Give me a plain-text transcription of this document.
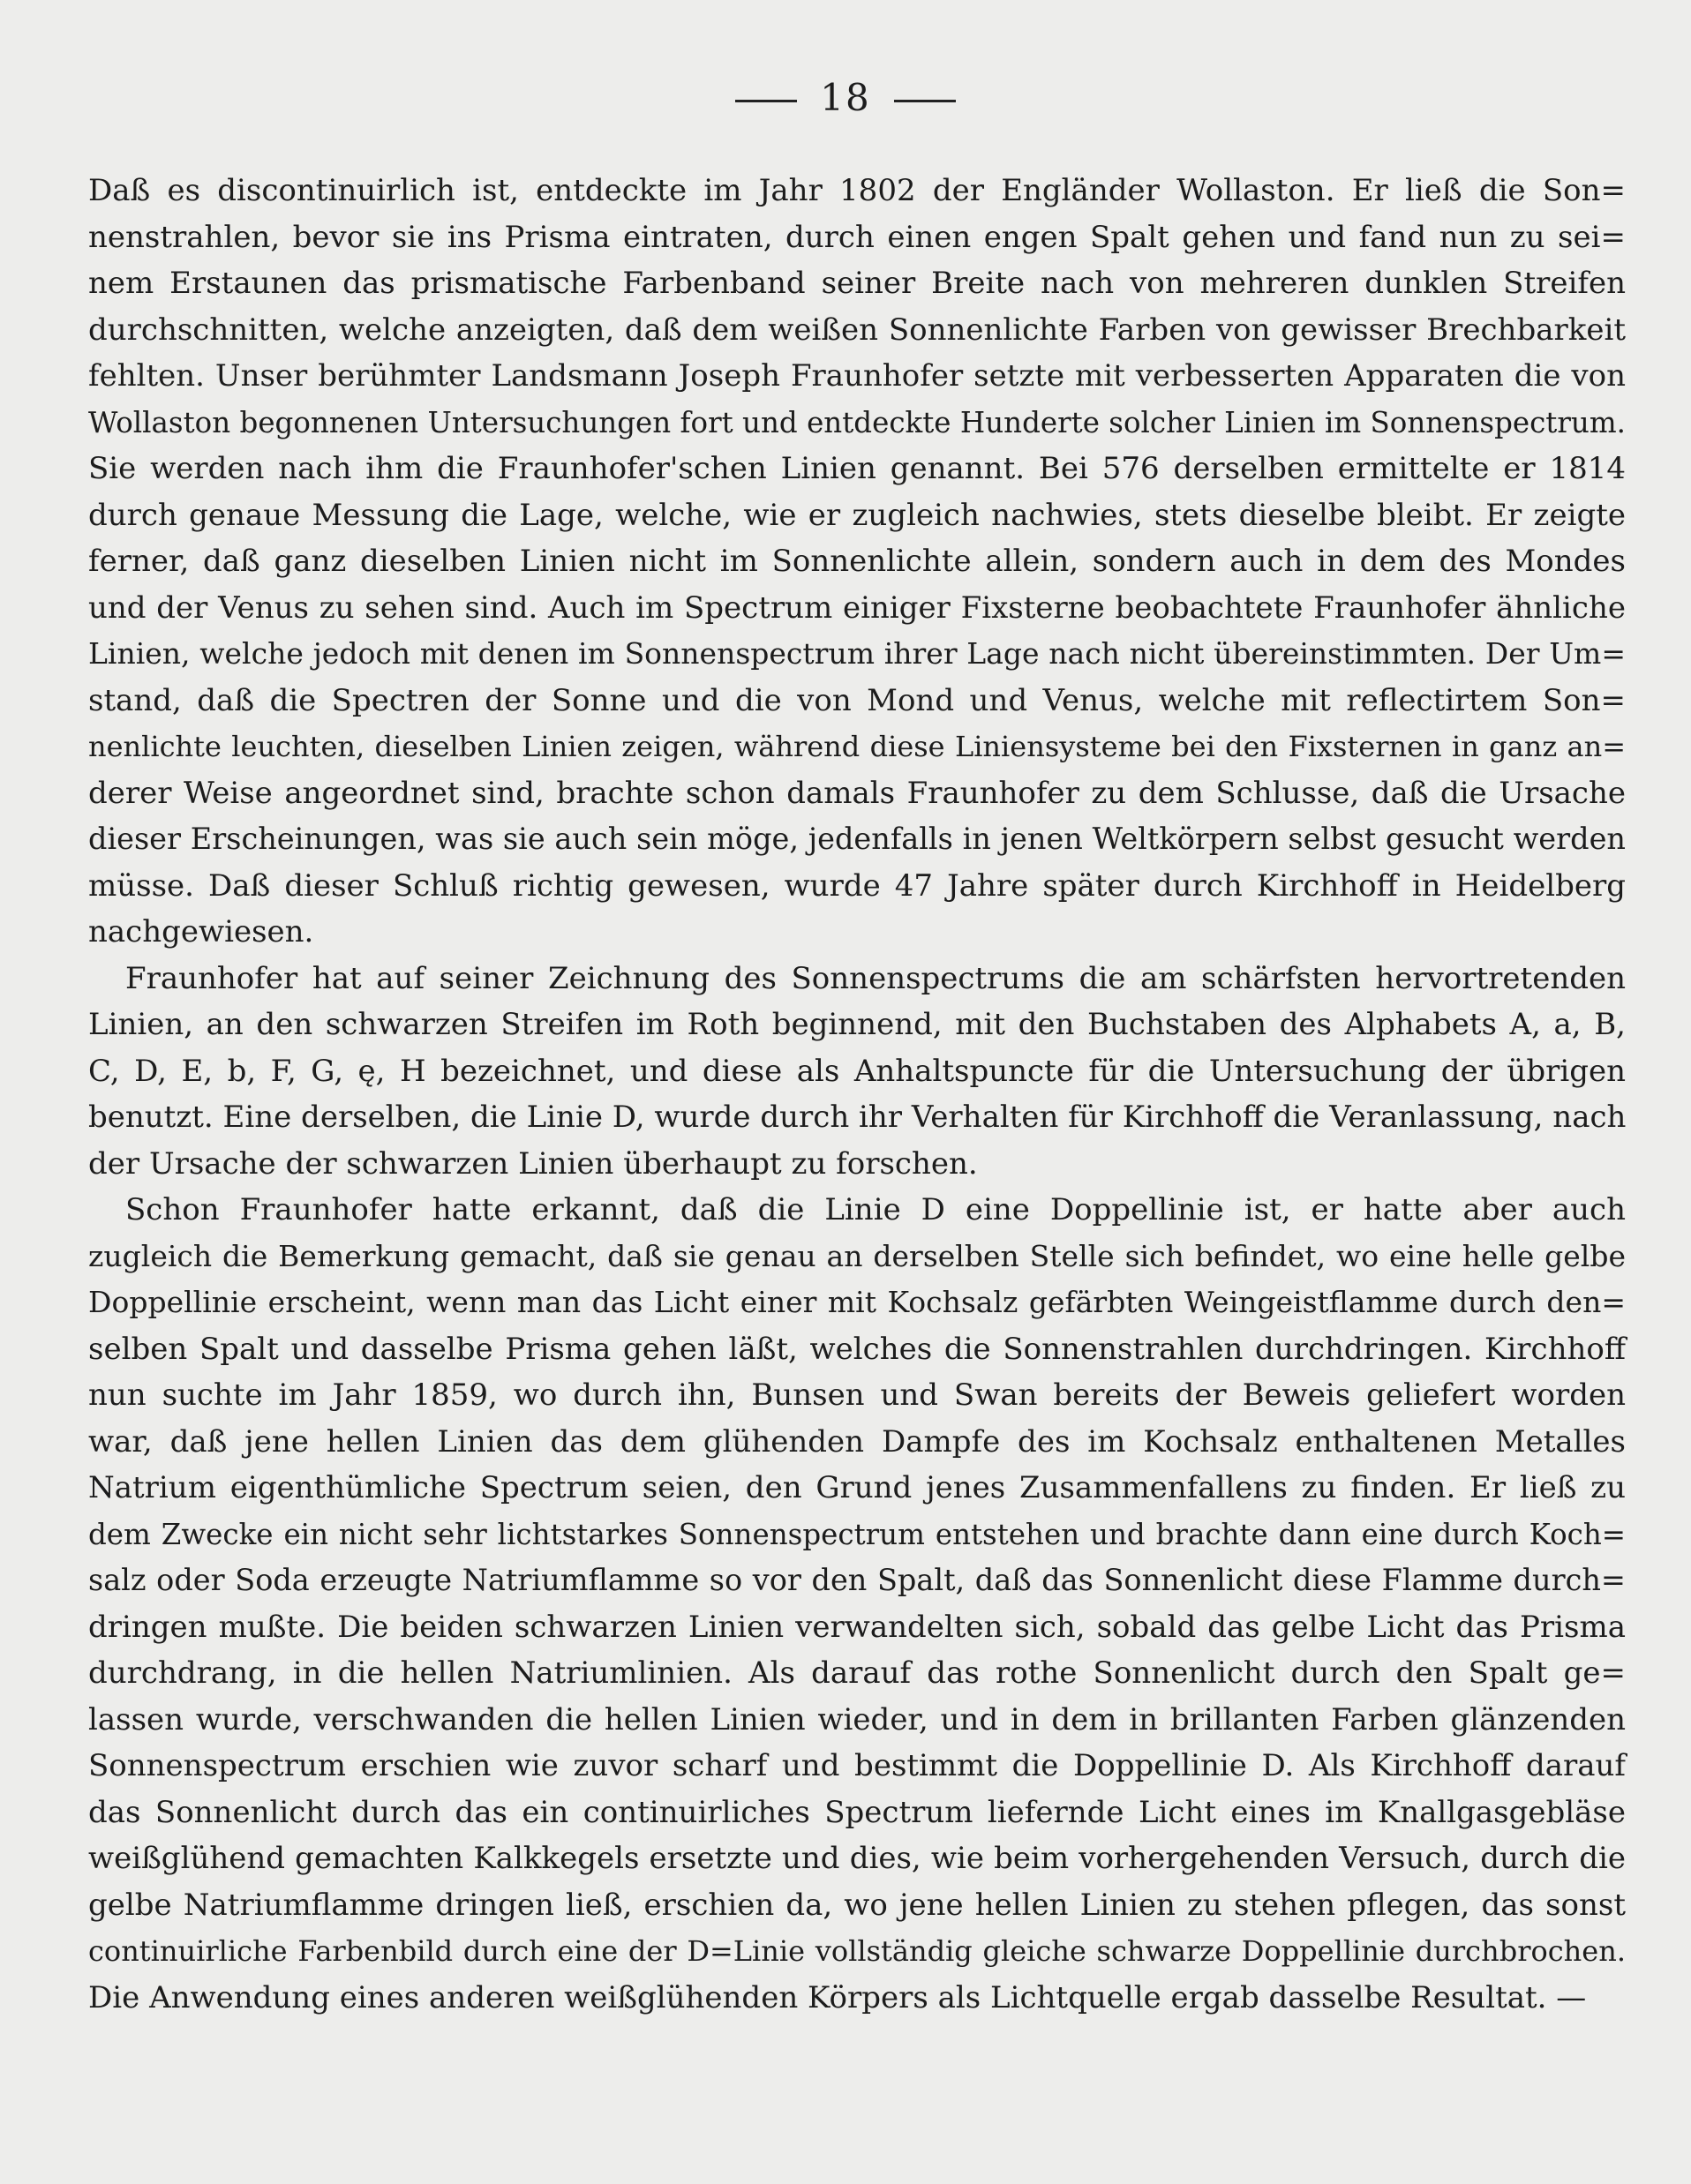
18
Daß es discontinuirlich ist, entdeckte im Jahr 1802 der Engländer Wollaston. Er ließ die Son=
nenstrahlen, bevor sie ins Prisma eintraten, durch einen engen Spalt gehen und fand nun zu sei=
nem Erstaunen das prismatische Farbenband seiner Breite nach von mehreren dunklen Streifen
durchschnitten, welche anzeigten, daß dem weißen Sonnenlichte Farben von gewisser Brechbarkeit
fehlten. Unser berühmter Landsmann Joseph Fraunhofer setzte mit verbesserten Apparaten die von
Wollaston begonnenen Untersuchungen fort und entdeckte Hunderte solcher Linien im Sonnenspectrum.
Sie werden nach ihm die Fraunhofer'schen Linien genannt. Bei 576 derselben ermittelte er 1814
durch genaue Messung die Lage, welche, wie er zugleich nachwies, stets dieselbe bleibt. Er zeigte
ferner, daß ganz dieselben Linien nicht im Sonnenlichte allein, sondern auch in dem des Mondes
und der Venus zu sehen sind. Auch im Spectrum einiger Fixsterne beobachtete Fraunhofer ähnliche
Linien, welche jedoch mit denen im Sonnenspectrum ihrer Lage nach nicht übereinstimmten. Der Um=
stand, daß die Spectren der Sonne und die von Mond und Venus, welche mit reflectirtem Son=
nenlichte leuchten, dieselben Linien zeigen, während diese Liniensysteme bei den Fixsternen in ganz an=
derer Weise angeordnet sind, brachte schon damals Fraunhofer zu dem Schlusse, daß die Ursache
dieser Erscheinungen, was sie auch sein möge, jedenfalls in jenen Weltkörpern selbst gesucht werden
müsse. Daß dieser Schluß richtig gewesen, wurde 47 Jahre später durch Kirchhoff in Heidelberg
nachgewiesen.
Fraunhofer hat auf seiner Zeichnung des Sonnenspectrums die am schärfsten hervortretenden
Linien, an den schwarzen Streifen im Roth beginnend, mit den Buchstaben des Alphabets A, a, B,
C, D, E, b, F, G, ę, H bezeichnet, und diese als Anhaltspuncte für die Untersuchung der übrigen
benutzt. Eine derselben, die Linie D, wurde durch ihr Verhalten für Kirchhoff die Veranlassung, nach
der Ursache der schwarzen Linien überhaupt zu forschen.
Schon Fraunhofer hatte erkannt, daß die Linie D eine Doppellinie ist, er hatte aber auch
zugleich die Bemerkung gemacht, daß sie genau an derselben Stelle sich befindet, wo eine helle gelbe
Doppellinie erscheint, wenn man das Licht einer mit Kochsalz gefärbten Weingeistflamme durch den=
selben Spalt und dasselbe Prisma gehen läßt, welches die Sonnenstrahlen durchdringen. Kirchhoff
nun suchte im Jahr 1859, wo durch ihn, Bunsen und Swan bereits der Beweis geliefert worden
war, daß jene hellen Linien das dem glühenden Dampfe des im Kochsalz enthaltenen Metalles
Natrium eigenthümliche Spectrum seien, den Grund jenes Zusammenfallens zu finden. Er ließ zu
dem Zwecke ein nicht sehr lichtstarkes Sonnenspectrum entstehen und brachte dann eine durch Koch=
salz oder Soda erzeugte Natriumflamme so vor den Spalt, daß das Sonnenlicht diese Flamme durch=
dringen mußte. Die beiden schwarzen Linien verwandelten sich, sobald das gelbe Licht das Prisma
durchdrang, in die hellen Natriumlinien. Als darauf das rothe Sonnenlicht durch den Spalt ge=
lassen wurde, verschwanden die hellen Linien wieder, und in dem in brillanten Farben glänzenden
Sonnenspectrum erschien wie zuvor scharf und bestimmt die Doppellinie D. Als Kirchhoff darauf
das Sonnenlicht durch das ein continuirliches Spectrum liefernde Licht eines im Knallgasgebläse
weißglühend gemachten Kalkkegels ersetzte und dies, wie beim vorhergehenden Versuch, durch die
gelbe Natriumflamme dringen ließ, erschien da, wo jene hellen Linien zu stehen pflegen, das sonst
continuirliche Farbenbild durch eine der D=Linie vollständig gleiche schwarze Doppellinie durchbrochen.
Die Anwendung eines anderen weißglühenden Körpers als Lichtquelle ergab dasselbe Resultat. —
